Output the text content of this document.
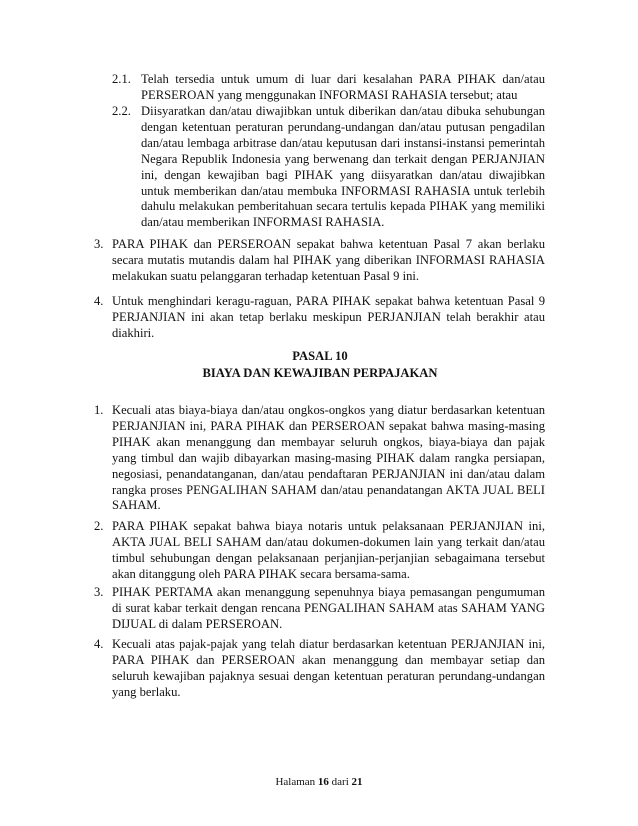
2.1. Telah tersedia untuk umum di luar dari kesalahan PARA PIHAK dan/atau
PERSEROAN yang menggunakan INFORMASI RAHASIA tersebut; atau
2.2. Diisyaratkan dan/atau diwajibkan untuk diberikan dan/atau dibuka sehubungan
dengan ketentuan peraturan perundang-undangan dan/atau putusan pengadilan
dan/atau lembaga arbitrase dan/atau keputusan dari instansi-instansi pemerintah
Negara Republik Indonesia yang berwenang dan terkait dengan PERJANJIAN
ini, dengan kewajiban bagi PIHAK yang diisyaratkan dan/atau diwajibkan
untuk memberikan dan/atau membuka INFORMASI RAHASIA untuk terlebih
dahulu melakukan pemberitahuan secara tertulis kepada PIHAK yang memiliki
dan/atau memberikan INFORMASI RAHASIA.
3. PARA PIHAK dan PERSEROAN sepakat bahwa ketentuan Pasal 7 akan berlaku
secara mutatis mutandis dalam hal PIHAK yang diberikan INFORMASI RAHASIA
melakukan suatu pelanggaran terhadap ketentuan Pasal 9 ini.
4. Untuk menghindari keragu-raguan, PARA PIHAK sepakat bahwa ketentuan Pasal 9
PERJANJIAN ini akan tetap berlaku meskipun PERJANJIAN telah berakhir atau
diakhiri.
PASAL 10
BIAYA DAN KEWAJIBAN PERPAJAKAN
1. Kecuali atas biaya-biaya dan/atau ongkos-ongkos yang diatur berdasarkan ketentuan
PERJANJIAN ini, PARA PIHAK dan PERSEROAN sepakat bahwa masing-masing
PIHAK akan menanggung dan membayar seluruh ongkos, biaya-biaya dan pajak
yang timbul dan wajib dibayarkan masing-masing PIHAK dalam rangka persiapan,
negosiasi, penandatanganan, dan/atau pendaftaran PERJANJIAN ini dan/atau dalam
rangka proses PENGALIHAN SAHAM dan/atau penandatangan AKTA JUAL BELI
SAHAM.
2. PARA PIHAK sepakat bahwa biaya notaris untuk pelaksanaan PERJANJIAN ini,
AKTA JUAL BELI SAHAM dan/atau dokumen-dokumen lain yang terkait dan/atau
timbul sehubungan dengan pelaksanaan perjanjian-perjanjian sebagaimana tersebut
akan ditanggung oleh PARA PIHAK secara bersama-sama.
3. PIHAK PERTAMA akan menanggung sepenuhnya biaya pemasangan pengumuman
di surat kabar terkait dengan rencana PENGALIHAN SAHAM atas SAHAM YANG
DIJUAL di dalam PERSEROAN.
4. Kecuali atas pajak-pajak yang telah diatur berdasarkan ketentuan PERJANJIAN ini,
PARA PIHAK dan PERSEROAN akan menanggung dan membayar setiap dan
seluruh kewajiban pajaknya sesuai dengan ketentuan peraturan perundang-undangan
yang berlaku.
Halaman 16 dari 21
